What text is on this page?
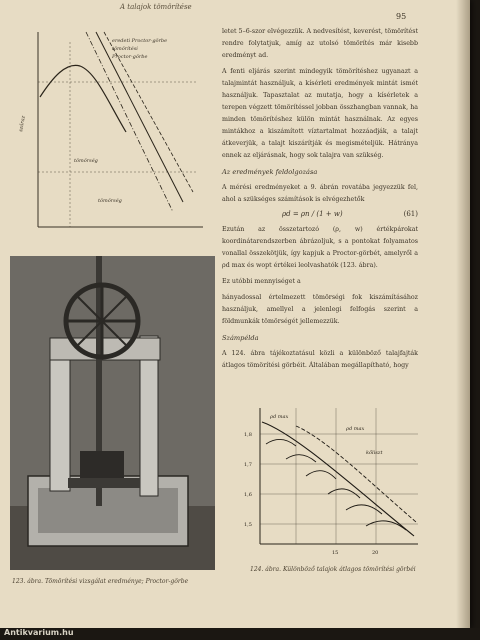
A talajok tömörítése
95
eredeti Proctor-görbe
tömörítési
Proctor-görbe
tömörség
tömörség
száraz

letet 5–6-szor elvégezzük. A nedvesítést, keverést, tömörítést rendre folytatjuk, amíg az utolsó tömörítés már kisebb eredményt ad.

A fenti eljárás szerint mindegyik tömörítéshez ugyanazt a talajmintát használjuk, a kísérleti eredmények mintát ismét használjuk. Tapasztalat az mutatja, hogy a kísérletek a terepen végzett tömörítéssel jobban összhangban vannak, ha minden tömörítéshez külön mintát használnak. Az egyes mintákhoz a kiszámított víztartalmat hozzáadják, a talajt átkeverjük, a talajt kiszárítják és megismételjük. Hátránya ennek az eljárásnak, hogy sok talajra van szükség.

Az eredmények feldolgozása

A mérési eredményeket a 9. ábrán rovatába jegyezzük fel, ahol a szükséges számítások is elvégezhetők

ρd = ρn / (1 + w)	(61)

Ezután az összetartozó (ρ, w) értékpárokat koordinátarendszerben ábrázoljuk, s a pontokat folyamatos vonallal összekötjük, így kapjuk a Proctor-görbét, amelyről a ρd max és wopt értékei leolvashatók (123. ábra).

Ez utóbbi mennyiséget a

hányadossal értelmezett tömörségi fok kiszámításához használjuk, amellyel a jelenlegi felfogás szerint a földmunkák tömörségét jellemezzük.

Számpélda

A 124. ábra tájékoztatásul közli a különböző talajfajták átlagos tömörítési görbéit. Általában megállapítható, hogy

ρd max
ρd max
kőliszt
1,8
1,7
1,6
1,5
15	20
123. ábra. Tömörítési vizsgálat eredménye; Proctor-görbe
124. ábra. Különböző talajok átlagos tömörítési görbéi
Antikvarium.hu
